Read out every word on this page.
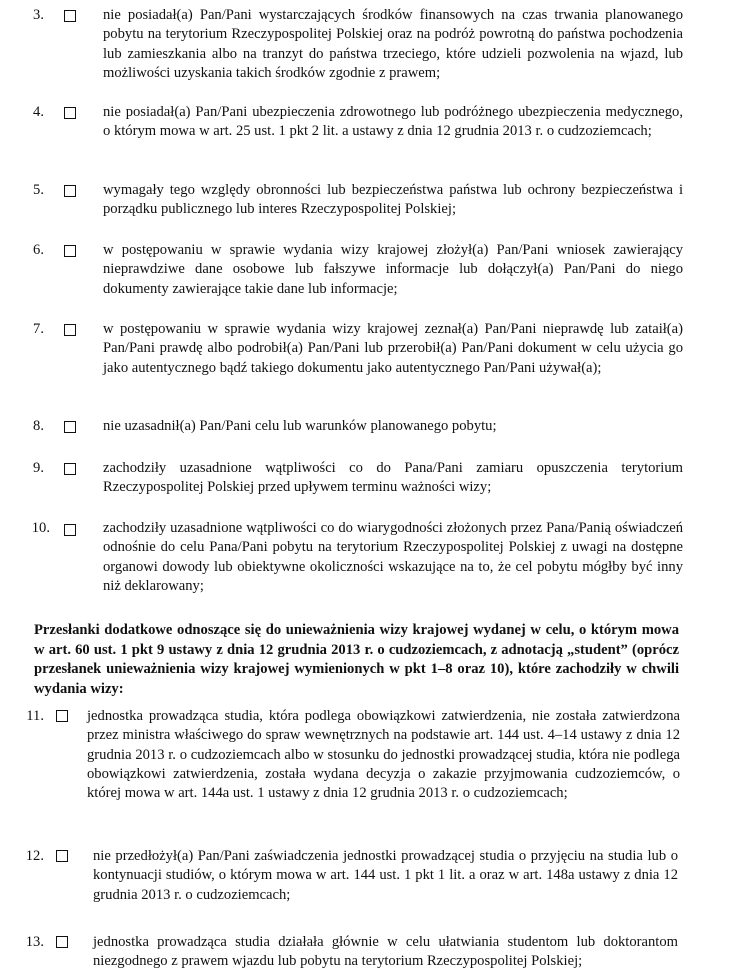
3.	nie posiadał(a) Pan/Pani wystarczających środków finansowych na czas trwania planowanego pobytu na terytorium Rzeczypospolitej Polskiej oraz na podróż powrotną do państwa pochodzenia lub zamieszkania albo na tranzyt do państwa trzeciego, które udzieli pozwolenia na wjazd, lub możliwości uzyskania takich środków zgodnie z prawem;
4.	nie posiadał(a) Pan/Pani ubezpieczenia zdrowotnego lub podróżnego ubezpieczenia medycznego, o którym mowa w art. 25 ust. 1 pkt 2 lit. a ustawy z dnia 12 grudnia 2013 r. o cudzoziemcach;
5.	wymagały tego względy obronności lub bezpieczeństwa państwa lub ochrony bezpieczeństwa i porządku publicznego lub interes Rzeczypospolitej Polskiej;
6.	w postępowaniu w sprawie wydania wizy krajowej złożył(a) Pan/Pani wniosek zawierający nieprawdziwe dane osobowe lub fałszywe informacje lub dołączył(a) Pan/Pani do niego dokumenty zawierające takie dane lub informacje;
7.	w postępowaniu w sprawie wydania wizy krajowej zeznał(a) Pan/Pani nieprawdę lub zataił(a) Pan/Pani prawdę albo podrobił(a) Pan/Pani lub przerobił(a) Pan/Pani dokument w celu użycia go jako autentycznego bądź takiego dokumentu jako autentycznego Pan/Pani używał(a);
8.	nie uzasadnił(a) Pan/Pani celu lub warunków planowanego pobytu;
9.	zachodziły uzasadnione wątpliwości co do Pana/Pani zamiaru opuszczenia terytorium Rzeczypospolitej Polskiej przed upływem terminu ważności wizy;
10.	zachodziły uzasadnione wątpliwości co do wiarygodności złożonych przez Pana/Panią oświadczeń odnośnie do celu Pana/Pani pobytu na terytorium Rzeczypospolitej Polskiej z uwagi na dostępne organowi dowody lub obiektywne okoliczności wskazujące na to, że cel pobytu mógłby być inny niż deklarowany;
Przesłanki dodatkowe odnoszące się do unieważnienia wizy krajowej wydanej w celu, o którym mowa w art. 60 ust. 1 pkt 9 ustawy z dnia 12 grudnia 2013 r. o cudzoziemcach, z adnotacją „student” (oprócz przesłanek unieważnienia wizy krajowej wymienionych w pkt 1–8 oraz 10), które zachodziły w chwili wydania wizy:
11.	jednostka prowadząca studia, która podlega obowiązkowi zatwierdzenia, nie została zatwierdzona przez ministra właściwego do spraw wewnętrznych na podstawie art. 144 ust. 4–14 ustawy z dnia 12 grudnia 2013 r. o cudzoziemcach albo w stosunku do jednostki prowadzącej studia, która nie podlega obowiązkowi zatwierdzenia, została wydana decyzja o zakazie przyjmowania cudzoziemców, o której mowa w art. 144a ust. 1 ustawy z dnia 12 grudnia 2013 r. o cudzoziemcach;
12.	nie przedłożył(a) Pan/Pani zaświadczenia jednostki prowadzącej studia o przyjęciu na studia lub o kontynuacji studiów, o którym mowa w art. 144 ust. 1 pkt 1 lit. a oraz w art. 148a ustawy z dnia 12 grudnia 2013 r. o cudzoziemcach;
13.	jednostka prowadząca studia działała głównie w celu ułatwiania studentom lub doktorantom niezgodnego z prawem wjazdu lub pobytu na terytorium Rzeczypospolitej Polskiej;
